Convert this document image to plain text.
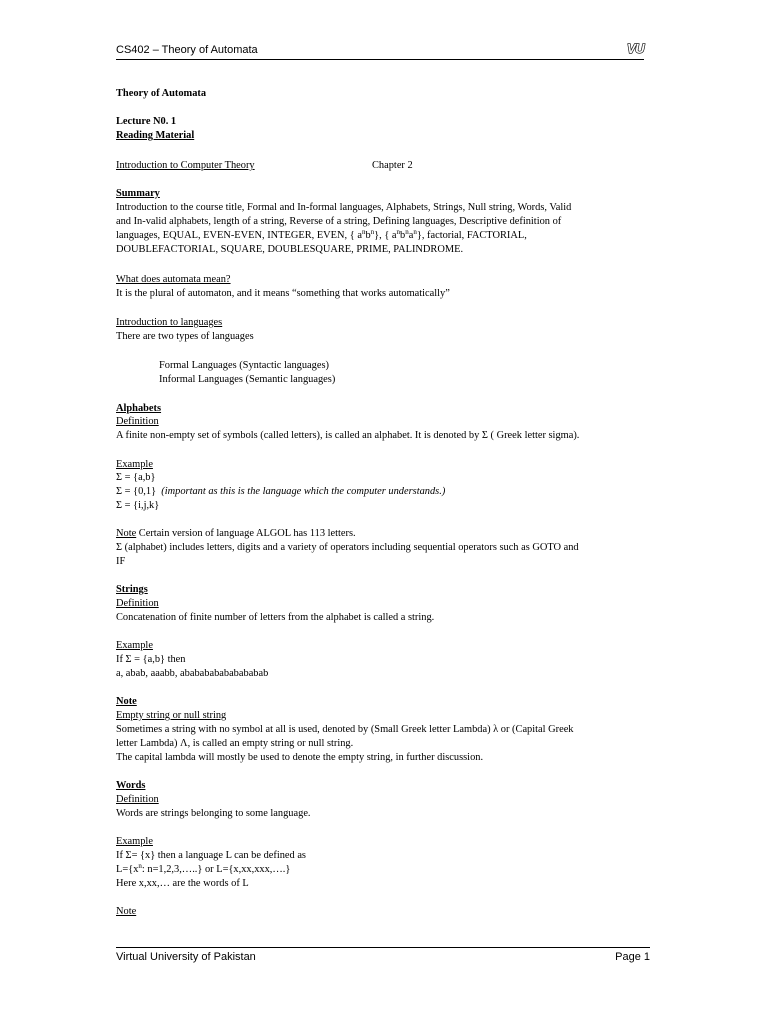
CS402 – Theory of Automata	VU
Theory of Automata
Lecture N0. 1
Reading Material
Introduction to Computer Theory	Chapter 2
Summary
Introduction to the course title, Formal and In-formal languages, Alphabets, Strings, Null string, Words, Valid
and In-valid alphabets, length of a string, Reverse of a string, Defining languages, Descriptive definition of
languages, EQUAL, EVEN-EVEN, INTEGER, EVEN, { $a^nb^n$}, { $a^nb^na^n$}, factorial, FACTORIAL,
DOUBLEFACTORIAL, SQUARE, DOUBLESQUARE, PRIME, PALINDROME.
What does automata mean?
It is the plural of automaton, and it means “something that works automatically”
Introduction to languages
There are two types of languages
Formal Languages (Syntactic languages)
Informal Languages (Semantic languages)
Alphabets
Definition
A finite non-empty set of symbols (called letters), is called an alphabet. It is denoted by Σ ( Greek letter sigma).
Example
Σ = {a,b}
Σ = {0,1} (important as this is the language which the computer understands.)
Σ = {i,j,k}
Note Certain version of language ALGOL has 113 letters.
Σ (alphabet) includes letters, digits and a variety of operators including sequential operators such as GOTO and
IF
Strings
Definition
Concatenation of finite number of letters from the alphabet is called a string.
Example
If Σ = {a,b} then
a, abab, aaabb, ababababababababab
Note
Empty string or null string
Sometimes a string with no symbol at all is used, denoted by (Small Greek letter Lambda) λ or (Capital Greek
letter Lambda) Λ, is called an empty string or null string.
The capital lambda will mostly be used to denote the empty string, in further discussion.
Words
Definition
Words are strings belonging to some language.
Example
If Σ= {x} then a language L can be defined as
$L=\{x^n$: n=1,2,3,…..} or L={x,xx,xxx,….}
Here x,xx,… are the words of L
Note
Virtual University of Pakistan	Page 1
